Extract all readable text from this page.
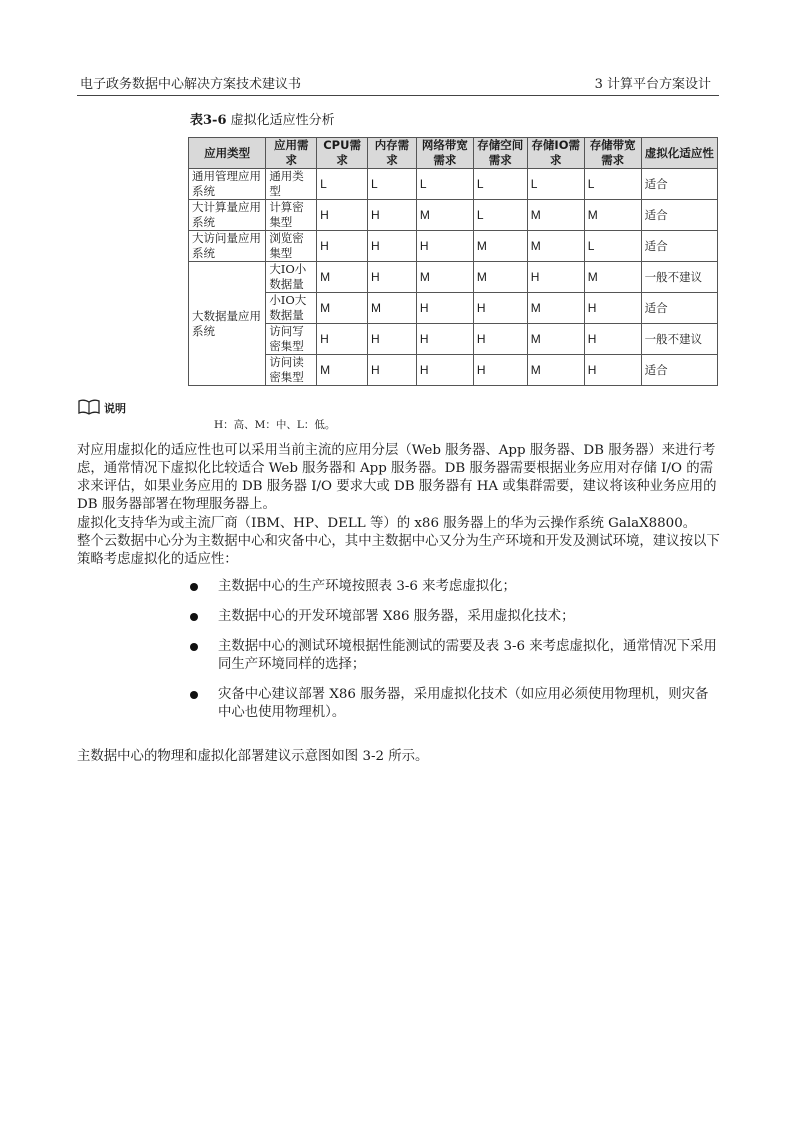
电子政务数据中心解决方案技术建议书	3 计算平台方案设计
表3-6 虚拟化适应性分析
应用类型	应用需求	CPU需求	内存需求	网络带宽需求	存储空间需求	存储IO需求	存储带宽需求	虚拟化适应性
通用管理应用系统	通用类型	L	L	L	L	L	L	适合
大计算量应用系统	计算密集型	H	H	M	L	M	M	适合
大访问量应用系统	浏览密集型	H	H	H	M	M	L	适合
大数据量应用系统	大IO小数据量	M	H	M	M	H	M	一般不建议
	小IO大数据量	M	M	H	H	M	H	适合
	访问写密集型	H	H	H	H	M	H	一般不建议
	访问读密集型	M	H	H	H	M	H	适合
说明
H：高、M：中、L：低。

对应用虚拟化的适应性也可以采用当前主流的应用分层（Web 服务器、App 服务器、DB 服务器）来进行考虑，通常情况下虚拟化比较适合 Web 服务器和 App 服务器。DB 服务器需要根据业务应用对存储 I/O 的需求来评估，如果业务应用的 DB 服务器 I/O 要求大或 DB 服务器有 HA 或集群需要，建议将该种业务应用的 DB 服务器部署在物理服务器上。

虚拟化支持华为或主流厂商（IBM、HP、DELL 等）的 x86 服务器上的华为云操作系统 GalaX8800。

整个云数据中心分为主数据中心和灾备中心，其中主数据中心又分为生产环境和开发及测试环境，建议按以下策略考虑虚拟化的适应性：

主数据中心的生产环境按照表 3-6 来考虑虚拟化；
主数据中心的开发环境部署 X86 服务器，采用虚拟化技术；
主数据中心的测试环境根据性能测试的需要及表 3-6 来考虑虚拟化，通常情况下采用同生产环境同样的选择；
灾备中心建议部署 X86 服务器，采用虚拟化技术（如应用必须使用物理机，则灾备中心也使用物理机）。

主数据中心的物理和虚拟化部署建议示意图如图 3-2 所示。
